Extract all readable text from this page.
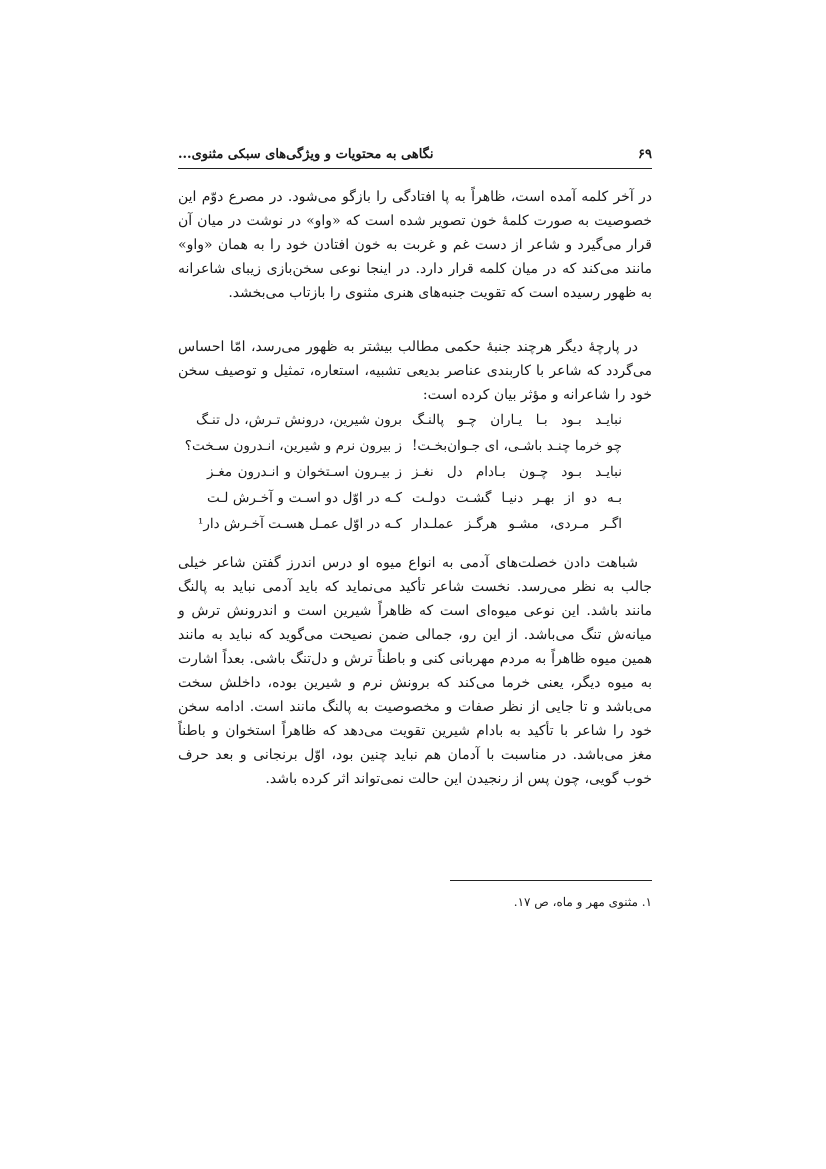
۶۹
نگاهی به محتویات و ویژگی‌های سبکی مثنوی...

در آخر کلمه آمده است، ظاهراً به پا افتادگی را بازگو می‌شود. در مصرع دوّم این خصوصیت به صورت کلمهٔ خون تصویر شده است که «واو» در نوشت در میان آن قرار می‌گیرد و شاعر از دست غم و غربت به خون افتادن خود را به همان «واو» مانند می‌کند که در میان کلمه قرار دارد. در اینجا نوعی سخن‌بازی زیبای شاعرانه به ظهور رسیده است که تقویت جنبه‌های هنری مثنوی را بازتاب می‌بخشد.

در پارچهٔ دیگر هرچند جنبهٔ حکمی مطالب بیشتر به ظهور می‌رسد، امّا احساس می‌گردد که شاعر با کاربندی عناصر بدیعی تشبیه، استعاره، تمثیل و توصیف سخن خود را شاعرانه و مؤثر بیان کرده است:

نبایـد بـود بـا یـاران چـو پالنـگ
برون شیرین، درونش تـرش، دل تنـگ
چو خرما چنـد باشـی، ای جـوان‌بخـت!
ز بیرون نرم و شیرین، انـدرون سـخت؟
نبایـد بـود چـون بـادام دل نغـز
ز بیـرون اسـتخوان و انـدرون مغـز
بـه دو از بهـر دنیـا گشـت دولـت
کـه در اوّل دو اسـت و آخـرش لـت
اگـر مـردی، مشـو هرگـز عملـدار
کـه در اوّل عمـل هسـت آخـرش دار¹

شباهت دادن خصلت‌های آدمی به انواع میوه او درس اندرز گفتن شاعر خیلی جالب به نظر می‌رسد. نخست شاعر تأکید می‌نماید که باید آدمی نباید به پالنگ مانند باشد. این نوعی میوه‌ای است که ظاهراً شیرین است و اندرونش ترش و میانه‌ش تنگ می‌باشد. از این رو، جمالی ضمن نصیحت می‌گوید که نباید به مانند همین میوه ظاهراً به مردم مهربانی کنی و باطناً ترش و دل‌تنگ باشی. بعداً اشارت به میوه دیگر، یعنی خرما می‌کند که برونش نرم و شیرین بوده، داخلش سخت می‌باشد و تا جایی از نظر صفات و مخصوصیت به پالنگ مانند است. ادامه سخن خود را شاعر با تأکید به بادام شیرین تقویت می‌دهد که ظاهراً استخوان و باطناً مغز می‌باشد. در مناسبت با آدمان هم نباید چنین بود، اوّل برنجانی و بعد حرف خوب گویی، چون پس از رنجیدن این حالت نمی‌تواند اثر کرده باشد.

۱. مثنوی مهر و ماه، ص ۱۷.
